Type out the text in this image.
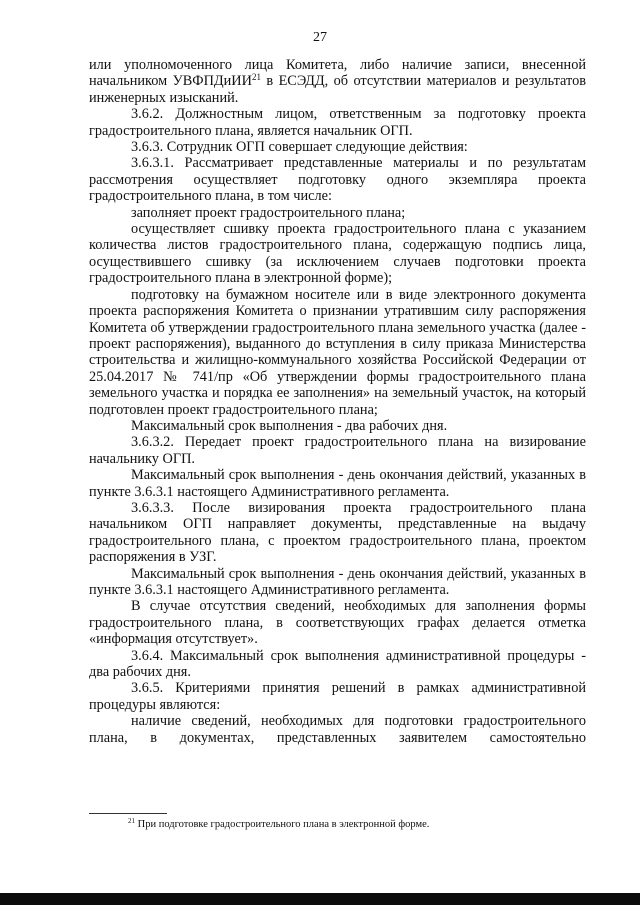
27

или уполномоченного лица Комитета, либо наличие записи, внесенной начальником УВФПДиИИ$^{21}$ в ЕСЭДД, об отсутствии материалов и результатов инженерных изысканий.

3.6.2. Должностным лицом, ответственным за подготовку проекта градостроительного плана, является начальник ОГП.

3.6.3. Сотрудник ОГП совершает следующие действия:

3.6.3.1. Рассматривает представленные материалы и по результатам рассмотрения осуществляет подготовку одного экземпляра проекта градостроительного плана, в том числе:

заполняет проект градостроительного плана;

осуществляет сшивку проекта градостроительного плана с указанием количества листов градостроительного плана, содержащую подпись лица, осуществившего сшивку (за исключением случаев подготовки проекта градостроительного плана в электронной форме);

подготовку на бумажном носителе или в виде электронного документа проекта распоряжения Комитета о признании утратившим силу распоряжения Комитета об утверждении градостроительного плана земельного участка (далее - проект распоряжения), выданного до вступления в силу приказа Министерства строительства и жилищно-коммунального хозяйства Российской Федерации от 25.04.2017 № 741/пр «Об утверждении формы градостроительного плана земельного участка и порядка ее заполнения» на земельный участок, на который подготовлен проект градостроительного плана;

Максимальный срок выполнения - два рабочих дня.

3.6.3.2. Передает проект градостроительного плана на визирование начальнику ОГП.

Максимальный срок выполнения - день окончания действий, указанных в пункте 3.6.3.1 настоящего Административного регламента.

3.6.3.3. После визирования проекта градостроительного плана начальником ОГП направляет документы, представленные на выдачу градостроительного плана, с проектом градостроительного плана, проектом распоряжения в УЗГ.

Максимальный срок выполнения - день окончания действий, указанных в пункте 3.6.3.1 настоящего Административного регламента.

В случае отсутствия сведений, необходимых для заполнения формы градостроительного плана, в соответствующих графах делается отметка «информация отсутствует».

3.6.4. Максимальный срок выполнения административной процедуры - два рабочих дня.

3.6.5. Критериями принятия решений в рамках административной процедуры являются:

наличие сведений, необходимых для подготовки градостроительного плана, в документах, представленных заявителем самостоятельно

$^{21}$ При подготовке градостроительного плана в электронной форме.
